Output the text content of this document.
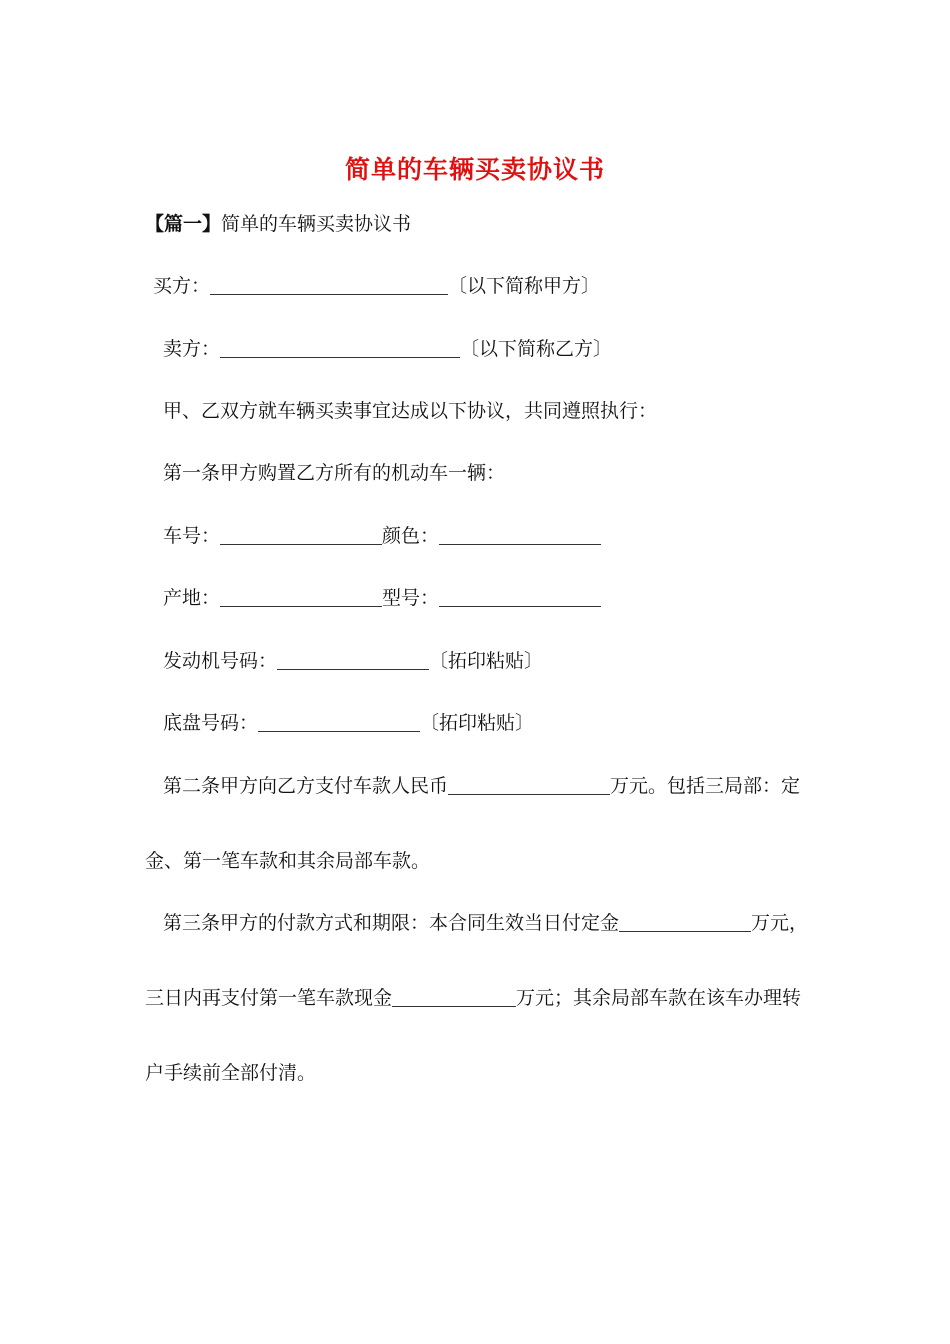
简单的车辆买卖协议书
【篇一】简单的车辆买卖协议书
买方：	〔以下简称甲方〕
卖方：	〔以下简称乙方〕
甲、乙双方就车辆买卖事宜达成以下协议，共同遵照执行：
第一条甲方购置乙方所有的机动车一辆：
车号：	颜色：
产地：	型号：
发动机号码：	〔拓印粘贴〕
底盘号码：	〔拓印粘贴〕
第二条甲方向乙方支付车款人民币	万元。包括三局部：定
金、第一笔车款和其余局部车款。
第三条甲方的付款方式和期限：本合同生效当日付定金	万元，
三日内再支付第一笔车款现金	万元；其余局部车款在该车办理转
户手续前全部付清。
